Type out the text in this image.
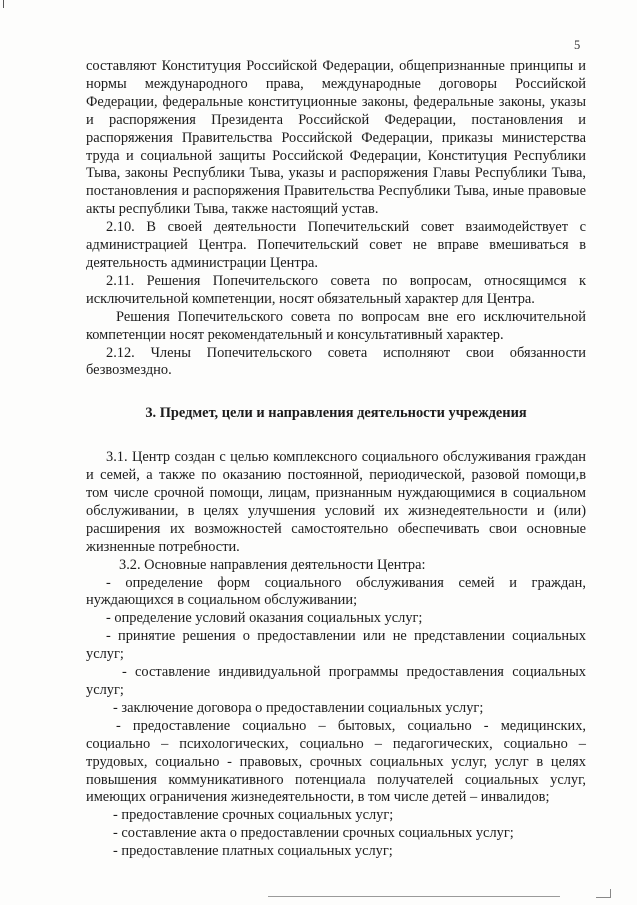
5

составляют Конституция Российской Федерации, общепризнанные принципы и нормы международного права, международные договоры Российской Федерации, федеральные конституционные законы, федеральные законы, указы и распоряжения Президента Российской Федерации, постановления и распоряжения Правительства Российской Федерации, приказы министерства труда и социальной защиты Российской Федерации, Конституция Республики Тыва, законы Республики Тыва, указы и распоряжения Главы Республики Тыва, постановления и распоряжения Правительства Республики Тыва, иные правовые акты республики Тыва, также настоящий устав.

2.10. В своей деятельности Попечительский совет взаимодействует с администрацией Центра. Попечительский совет не вправе вмешиваться в деятельность администрации Центра.

2.11. Решения Попечительского совета по вопросам, относящимся к исключительной компетенции, носят обязательный характер для Центра.

Решения Попечительского совета по вопросам вне его исключительной компетенции носят рекомендательный и консультативный характер.

2.12. Члены Попечительского совета исполняют свои обязанности безвозмездно.

3. Предмет, цели и направления деятельности учреждения

3.1. Центр создан с целью комплексного социального обслуживания граждан и семей, а также по оказанию постоянной, периодической, разовой помощи,в том числе срочной помощи, лицам, признанным нуждающимися в социальном обслуживании, в целях улучшения условий их жизнедеятельности и (или) расширения их возможностей самостоятельно обеспечивать свои основные жизненные потребности.

3.2. Основные направления деятельности Центра:

- определение форм социального обслуживания семей и граждан, нуждающихся в социальном обслуживании;

- определение условий оказания социальных услуг;

- принятие решения о предоставлении или не представлении социальных услуг;

- составление индивидуальной программы предоставления социальных услуг;

- заключение договора о предоставлении социальных услуг;

- предоставление социально – бытовых, социально - медицинских, социально – психологических, социально – педагогических, социально – трудовых, социально - правовых, срочных социальных услуг, услуг в целях повышения коммуникативного потенциала получателей социальных услуг, имеющих ограничения жизнедеятельности, в том числе детей – инвалидов;

- предоставление срочных социальных услуг;

- составление акта о предоставлении срочных социальных услуг;

- предоставление платных социальных услуг;
